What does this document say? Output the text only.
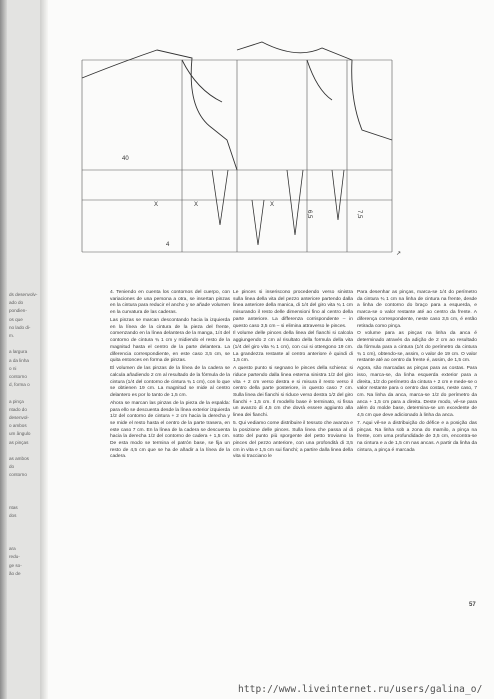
ds desenvolv-
ado do
pondien-
os que
no lado di-
m.
a largura
a da linha
o ni
contorno
d, forma o
a pinça
ntado do
desenvol-
o ambos
um ângulo
as pinças
as ambos
do
contorno
ntas
dos
ara
redu-
ge so-
ão de
X	X	X
6,5	7,5
40
4
↗

4. Teniendo en cuenta los contornos del cuerpo, con variaciones de una persona a otra, se insertan pinzas en la cintura para reducir el ancho y se añade volumen en la curvatura de las caderas.

Las pinzas se marcan descontando hacia la izquierda en la línea de la cintura de la pieza del frente, comenzando en la línea delantera de la manga, 1/4 del contorno de cintura ¾ 1 cm y midiendo el resto de la magnitud hasta el centro de la parte delantera. La diferencia correspondiente, en este caso 3,5 cm, se quita entonces en forma de pinzas.

El volumen de las pinzas de la línea de la cadera se calcula añadiendo 2 cm al resultado de la fórmula de la cintura (1/4 del contorno de cintura ¾ 1 cm), con lo que se obtienen 19 cm. La magnitud se mide al centro delantero es por lo tanto de 1,5 cm.

Ahora se marcan las pinzas de la pieza de la espalda: para ello se descuenta desde la línea exterior izquierda 1/2 del contorno de cintura + 2 cm hacia la derecha y se mide el resto hasta el centro de la parte trasera, en este caso 7 cm. En la línea de la cadera se descuenta hacia la derecha 1/2 del contorno de cadera + 1,5 cm. De esta modo se termina el patrón base, se fija un resto de 4,5 cm que se ha de añadir a la línea de la cadera.

Le pinces si inseriscono procedendo verso sinistra sulla linea della vita del pezzo anteriore partendo dalla linea anteriore della manica, di 1/4 del giro vita ¾ 1 cm misurando il resto delle dimensioni fino al centro della parte anteriore. La differenza corrispondente – in questo caso 3,5 cm – si elimina attraverso le pinces.

Il volume delle pinces della linea del fianchi si calcola aggiungendo 2 cm al risultato della formula della vita (1/4 del giro vita ¾ 1 cm), con cui si ottengono 19 cm. La grandezza restante al centro anteriore è quindi di 1,5 cm.

A questo punto si segnano le pinces della schiena: si riduce partendo dalla linea esterna sinistra 1/2 del giro vita + 2 cm verso destra e si misura il resto verso il centro della parte posteriore, in questo caso 7 cm. Sulla linea dei fianchi si riduce verso destra 1/2 del giro fianchi + 1,5 cm. Il modello base è terminato, si fissa un avanzo di 4,5 cm che dovrà essere aggiunto alla linea dei fianchi.

5. Qui vediamo come distribuire il tessuto che avanza e la posizione delle pinces. Sulla linea che passa al di sotto del punto più sporgente del petto troviamo la pinces del pezzo anteriore, con una profondità di 3,5 cm in vita e 1,5 cm sui fianchi; a partire dalla linea della vita si tracciano le

Para desenhar as pinças, marca-se 1/4 do perímetro da cintura ¾ 1 cm na linha de cintura na frente, desde a linha de contorno do braço para a esquerda, e marca-se o valor restante até ao centro da frente. A diferença correspondente, neste caso 3,5 cm, é então retirada como pinça.

O volume para as pinças na linha da anca é determinado através da adição de 2 cm ao resultado da fórmula para a cintura (1/4 do perímetro da cintura ¾ 1 cm), obtendo-se, assim, o valor de 19 cm. O valor restante até ao centro da frente é, assim, de 1,5 cm.

Agora, são marcadas as pinças para as costas. Para isso, marca-se, da linha esquerda exterior para a direita, 1/2 do perímetro da cintura + 2 cm e mede-se o valor restante para o centro das costas, neste caso, 7 cm. Na linha da anca, marca-se 1/2 do perímetro da anca + 1,5 cm para a direita. Deste modo, vê-se para além do molde base, determina-se um excedente de 4,5 cm que deve adicionado à linha da anca.

7. Aqui vê-se a distribuição do défice e a posição das pinças. Na linha sob a zona do mamilo, a pinça na frente, com uma profundidade de 3,5 cm, encontra-se na cintura e a de 1,5 cm nas ancas. A partir da linha da cintura, a pinça é marcada

57
http://www.liveinternet.ru/users/galina_o/
